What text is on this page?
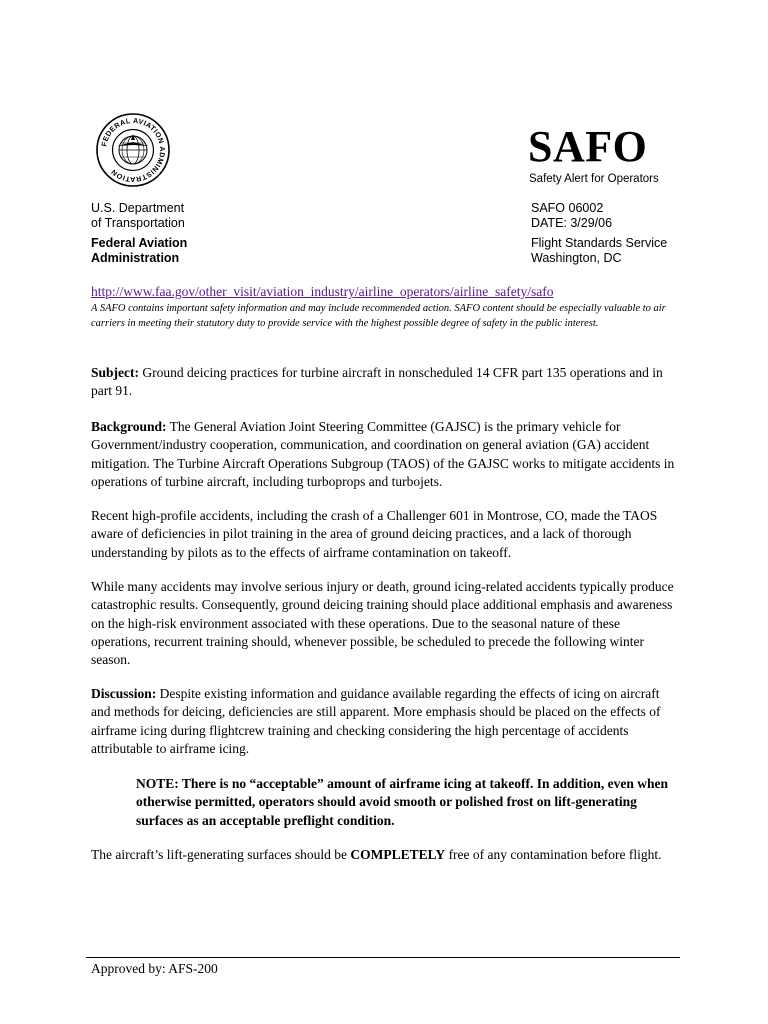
FEDERAL AVIATION ADMINISTRATION
SAFO
Safety Alert for Operators
U.S. Department
of Transportation
Federal Aviation
Administration
SAFO 06002
DATE: 3/29/06
Flight Standards Service
Washington, DC
http://www.faa.gov/other_visit/aviation_industry/airline_operators/airline_safety/safo
A SAFO contains important safety information and may include recommended action. SAFO content should be especially valuable to air carriers in meeting their statutory duty to provide service with the highest possible degree of safety in the public interest.
Subject: Ground deicing practices for turbine aircraft in nonscheduled 14 CFR part 135 operations and in part 91.
Background: The General Aviation Joint Steering Committee (GAJSC) is the primary vehicle for Government/industry cooperation, communication, and coordination on general aviation (GA) accident mitigation. The Turbine Aircraft Operations Subgroup (TAOS) of the GAJSC works to mitigate accidents in operations of turbine aircraft, including turboprops and turbojets.
Recent high-profile accidents, including the crash of a Challenger 601 in Montrose, CO, made the TAOS aware of deficiencies in pilot training in the area of ground deicing practices, and a lack of thorough understanding by pilots as to the effects of airframe contamination on takeoff.
While many accidents may involve serious injury or death, ground icing-related accidents typically produce catastrophic results. Consequently, ground deicing training should place additional emphasis and awareness on the high-risk environment associated with these operations. Due to the seasonal nature of these operations, recurrent training should, whenever possible, be scheduled to precede the following winter season.
Discussion: Despite existing information and guidance available regarding the effects of icing on aircraft and methods for deicing, deficiencies are still apparent. More emphasis should be placed on the effects of airframe icing during flightcrew training and checking considering the high percentage of accidents attributable to airframe icing.
NOTE: There is no “acceptable” amount of airframe icing at takeoff. In addition, even when otherwise permitted, operators should avoid smooth or polished frost on lift-generating surfaces as an acceptable preflight condition.
The aircraft’s lift-generating surfaces should be COMPLETELY free of any contamination before flight.
Approved by: AFS-200
